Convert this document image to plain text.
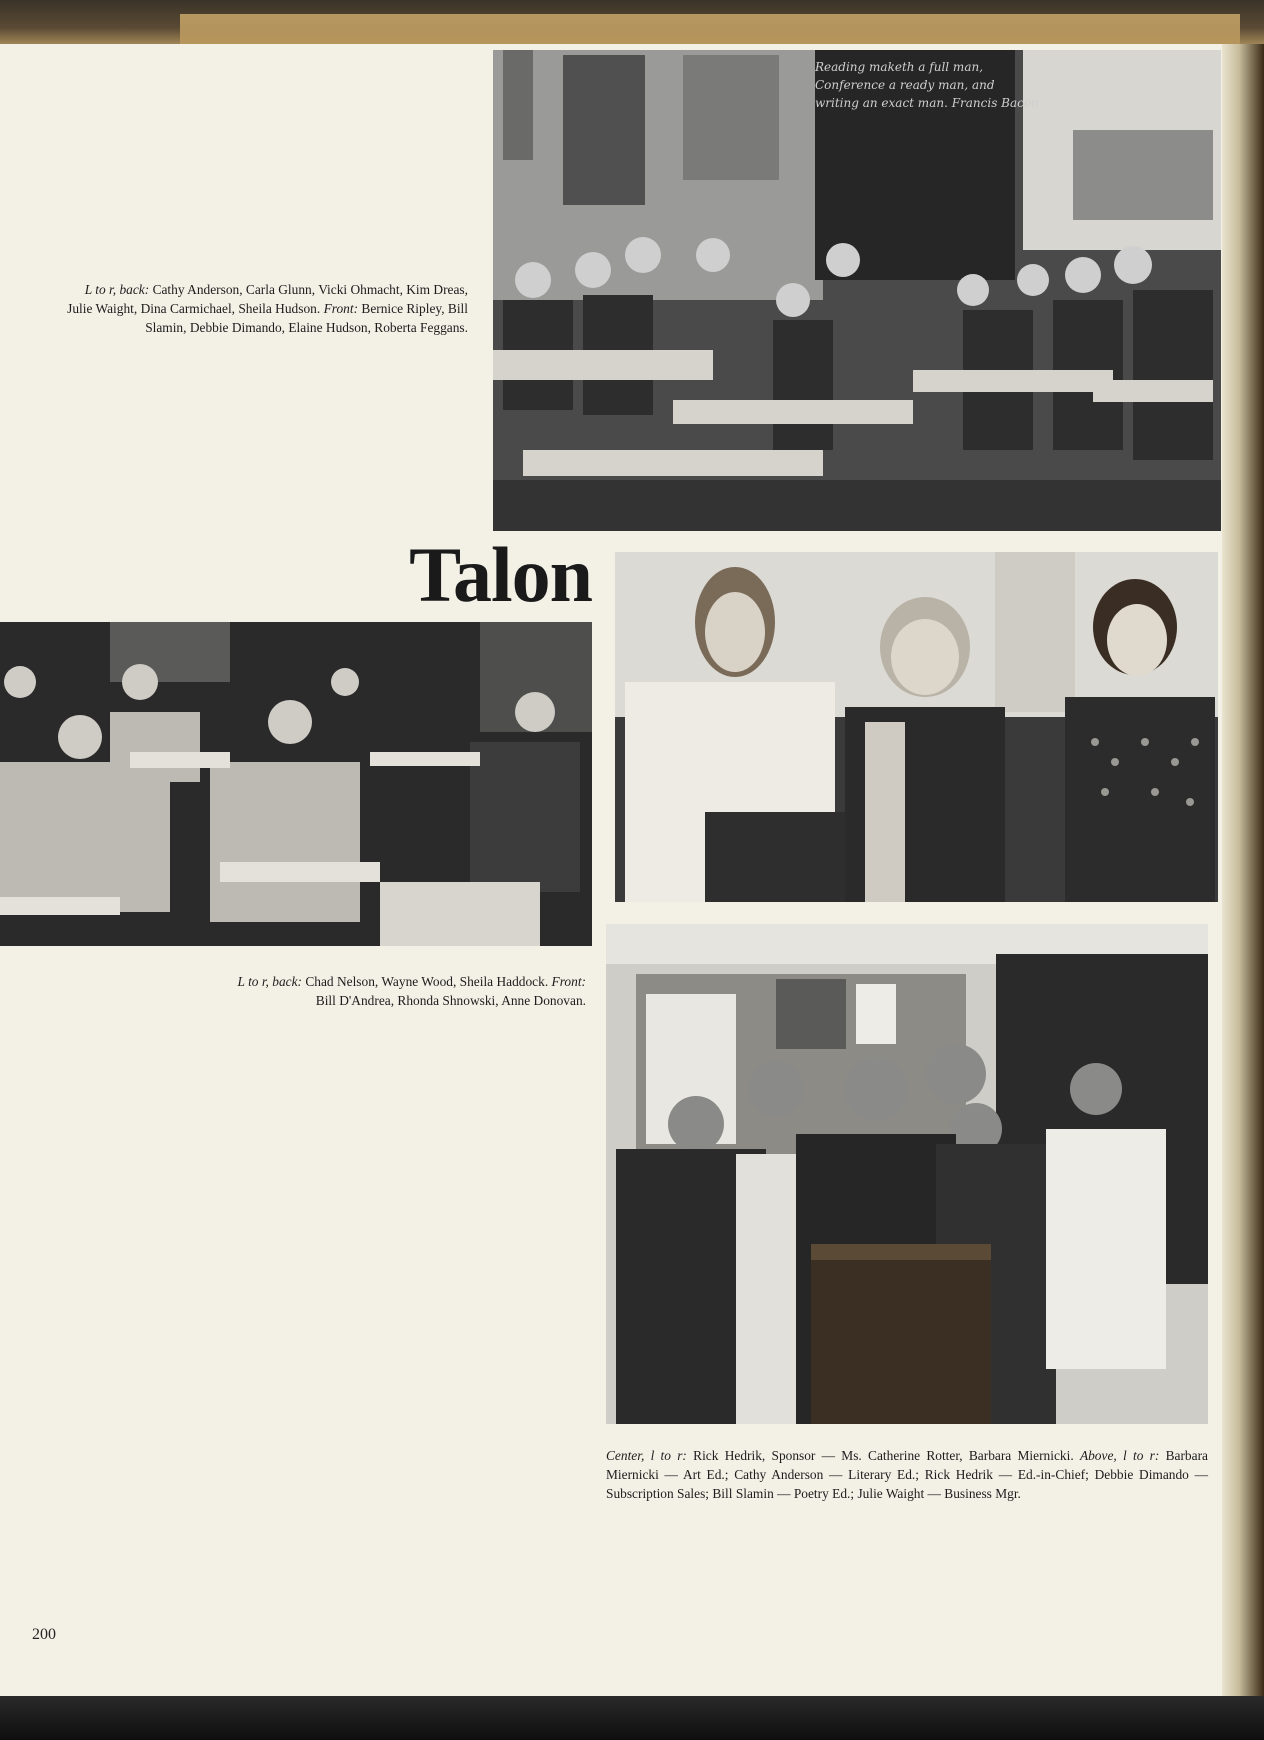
L to r, back: Cathy Anderson, Carla Glunn, Vicki Ohmacht, Kim Dreas, Julie Waight, Dina Carmichael, Sheila Hudson. Front: Bernice Ripley, Bill Slamin, Debbie Dimando, Elaine Hudson, Roberta Feggans.
Talon
L to r, back: Chad Nelson, Wayne Wood, Sheila Haddock. Front: Bill D'Andrea, Rhonda Shnowski, Anne Donovan.
Center, l to r: Rick Hedrik, Sponsor — Ms. Catherine Rotter, Barbara Miernicki. Above, l to r: Barbara Miernicki — Art Ed.; Cathy Anderson — Literary Ed.; Rick Hedrik — Ed.-in-Chief; Debbie Dimando — Subscription Sales; Bill Slamin — Poetry Ed.; Julie Waight — Business Mgr.
200
Reading maketh a full man, Conference a ready man, and writing an exact man. Francis Bacon
